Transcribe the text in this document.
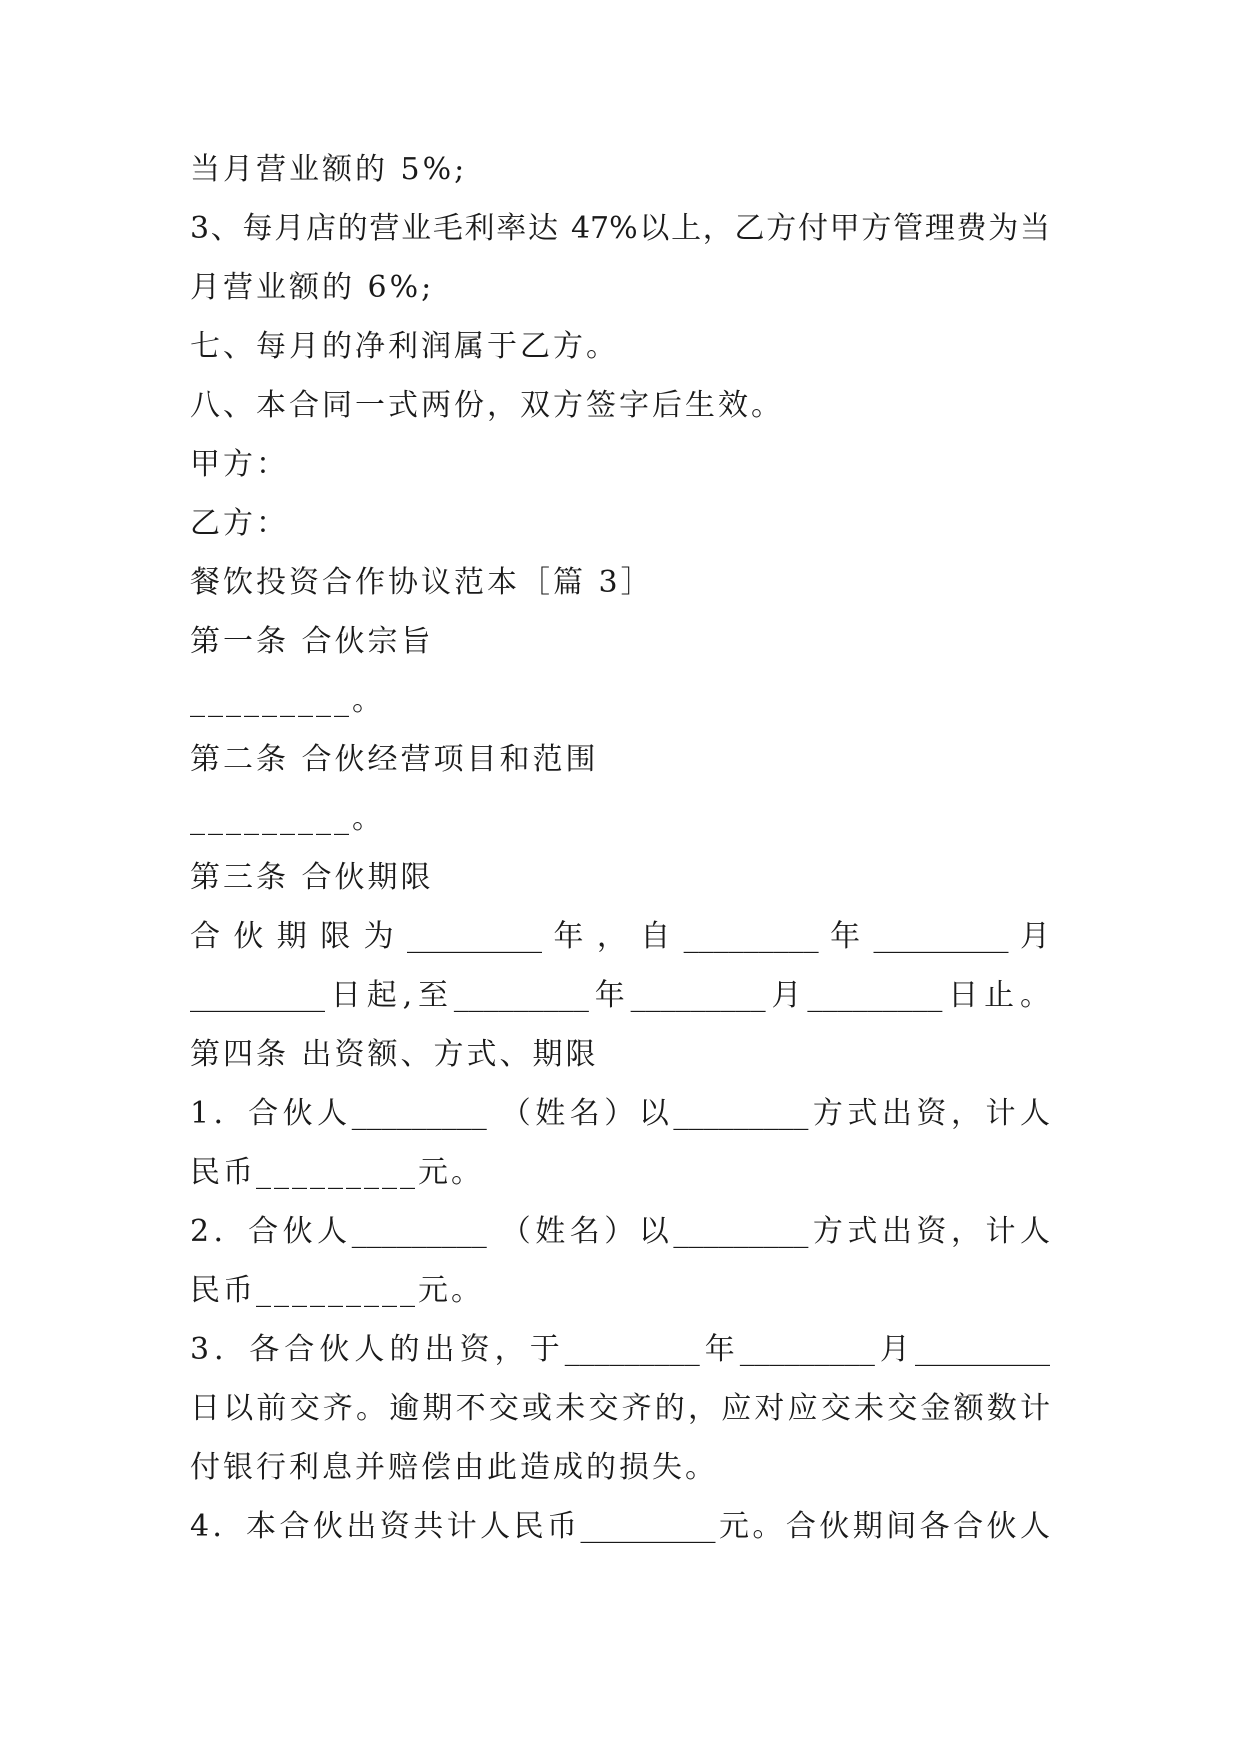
当月营业额的 5%;
3、每月店的营业毛利率达 47%以上，乙方付甲方管理费为当
月营业额的 6%;
七、每月的净利润属于乙方。
八、本合同一式两份，双方签字后生效。
甲方：
乙方：
餐饮投资合作协议范本［篇 3］
第一条 合伙宗旨
_________。
第二条 合伙经营项目和范围
_________。
第三条 合伙期限
合 伙 期 限 为 _________ 年 ， 自 _________ 年 _________ 月
_________日起,至_________年_________月_________日止。
第四条 出资额、方式、期限
1．合伙人_________ （姓名）以_________方式出资，计人
民币_________元。
2．合伙人_________ （姓名）以_________方式出资，计人
民币_________元。
3．各合伙人的出资，于_________年_________月_________
日以前交齐。逾期不交或未交齐的，应对应交未交金额数计
付银行利息并赔偿由此造成的损失。
4．本合伙出资共计人民币_________元。合伙期间各合伙人
